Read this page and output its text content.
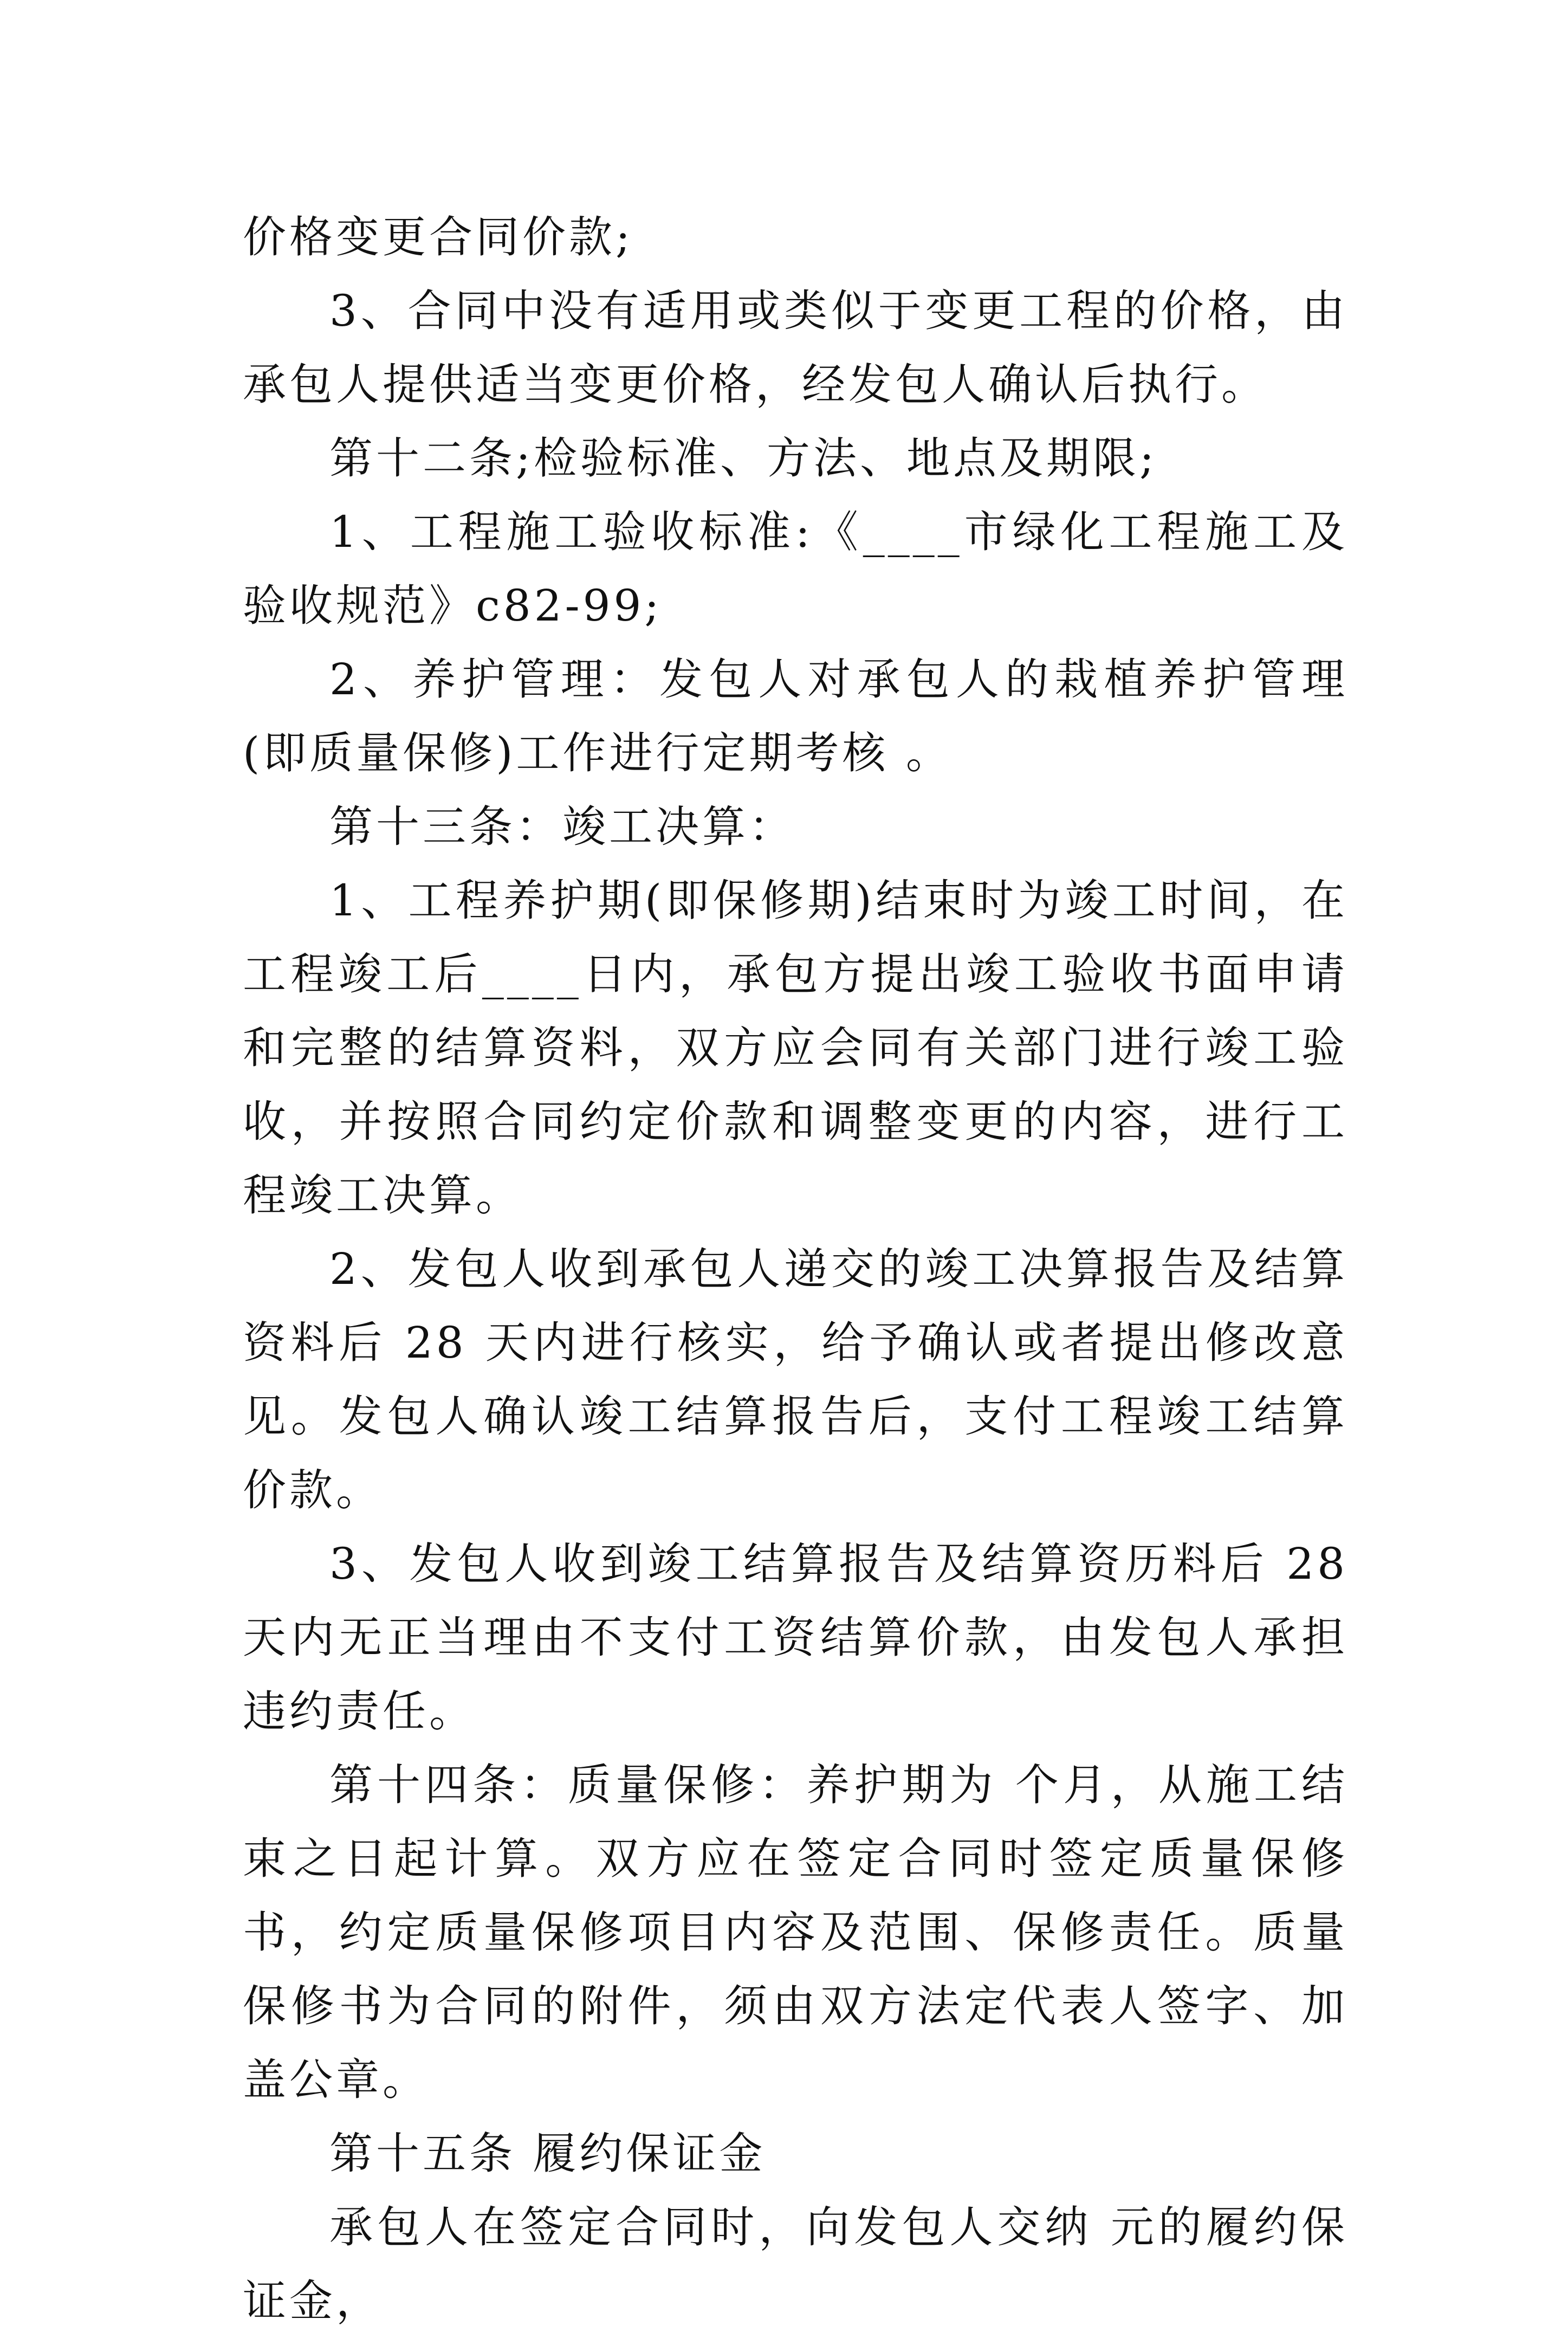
价格变更合同价款;

3、合同中没有适用或类似于变更工程的价格，由承包人提供适当变更价格，经发包人确认后执行。

第十二条;检验标准、方法、地点及期限;

1、工程施工验收标准:《____市绿化工程施工及验收规范》c82-99;

2、养护管理：发包人对承包人的栽植养护管理(即质量保修)工作进行定期考核 。

第十三条：竣工决算：

1、工程养护期(即保修期)结束时为竣工时间，在工程竣工后____日内，承包方提出竣工验收书面申请和完整的结算资料，双方应会同有关部门进行竣工验收，并按照合同约定价款和调整变更的内容，进行工程竣工决算。

2、发包人收到承包人递交的竣工决算报告及结算资料后 28 天内进行核实，给予确认或者提出修改意见。发包人确认竣工结算报告后，支付工程竣工结算价款。

3、发包人收到竣工结算报告及结算资历料后 28 天内无正当理由不支付工资结算价款，由发包人承担违约责任。

第十四条：质量保修：养护期为 个月，从施工结束之日起计算。双方应在签定合同时签定质量保修书，约定质量保修项目内容及范围、保修责任。质量保修书为合同的附件，须由双方法定代表人签字、加盖公章。

第十五条 履约保证金

承包人在签定合同时，向发包人交纳 元的履约保证金，
